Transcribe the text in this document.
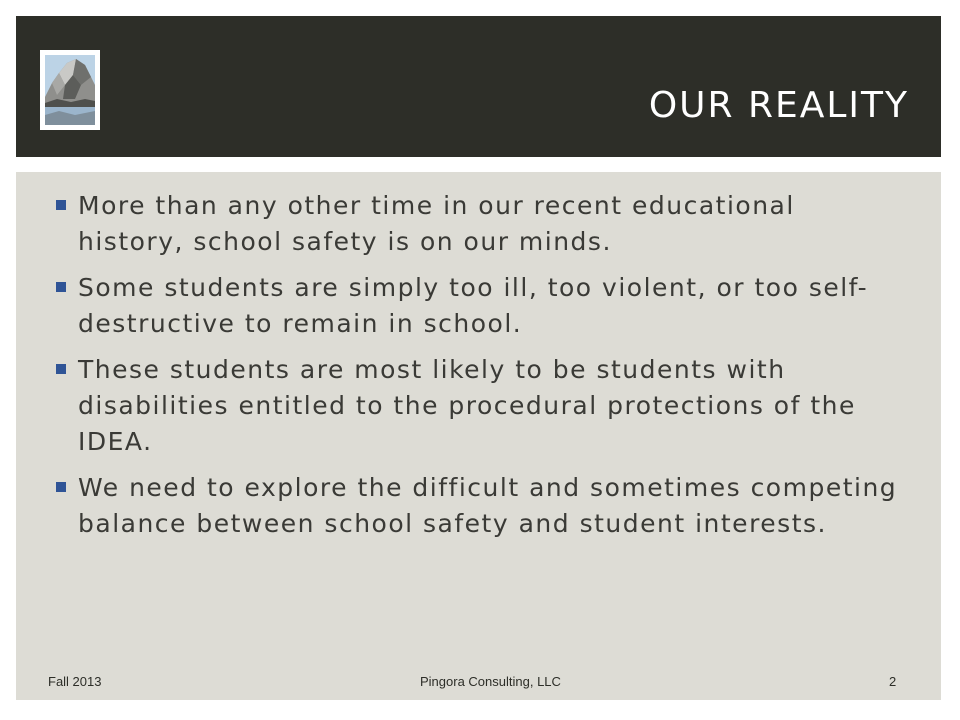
OUR REALITY
More than any other time in our recent educational history, school safety is on our minds.
Some students are simply too ill, too violent, or too self-destructive to remain in school.
These students are most likely to be students with disabilities entitled to the procedural protections of the IDEA.
We need to explore the difficult and sometimes competing balance between school safety and student interests.
Fall 2013	Pingora Consulting, LLC	2
